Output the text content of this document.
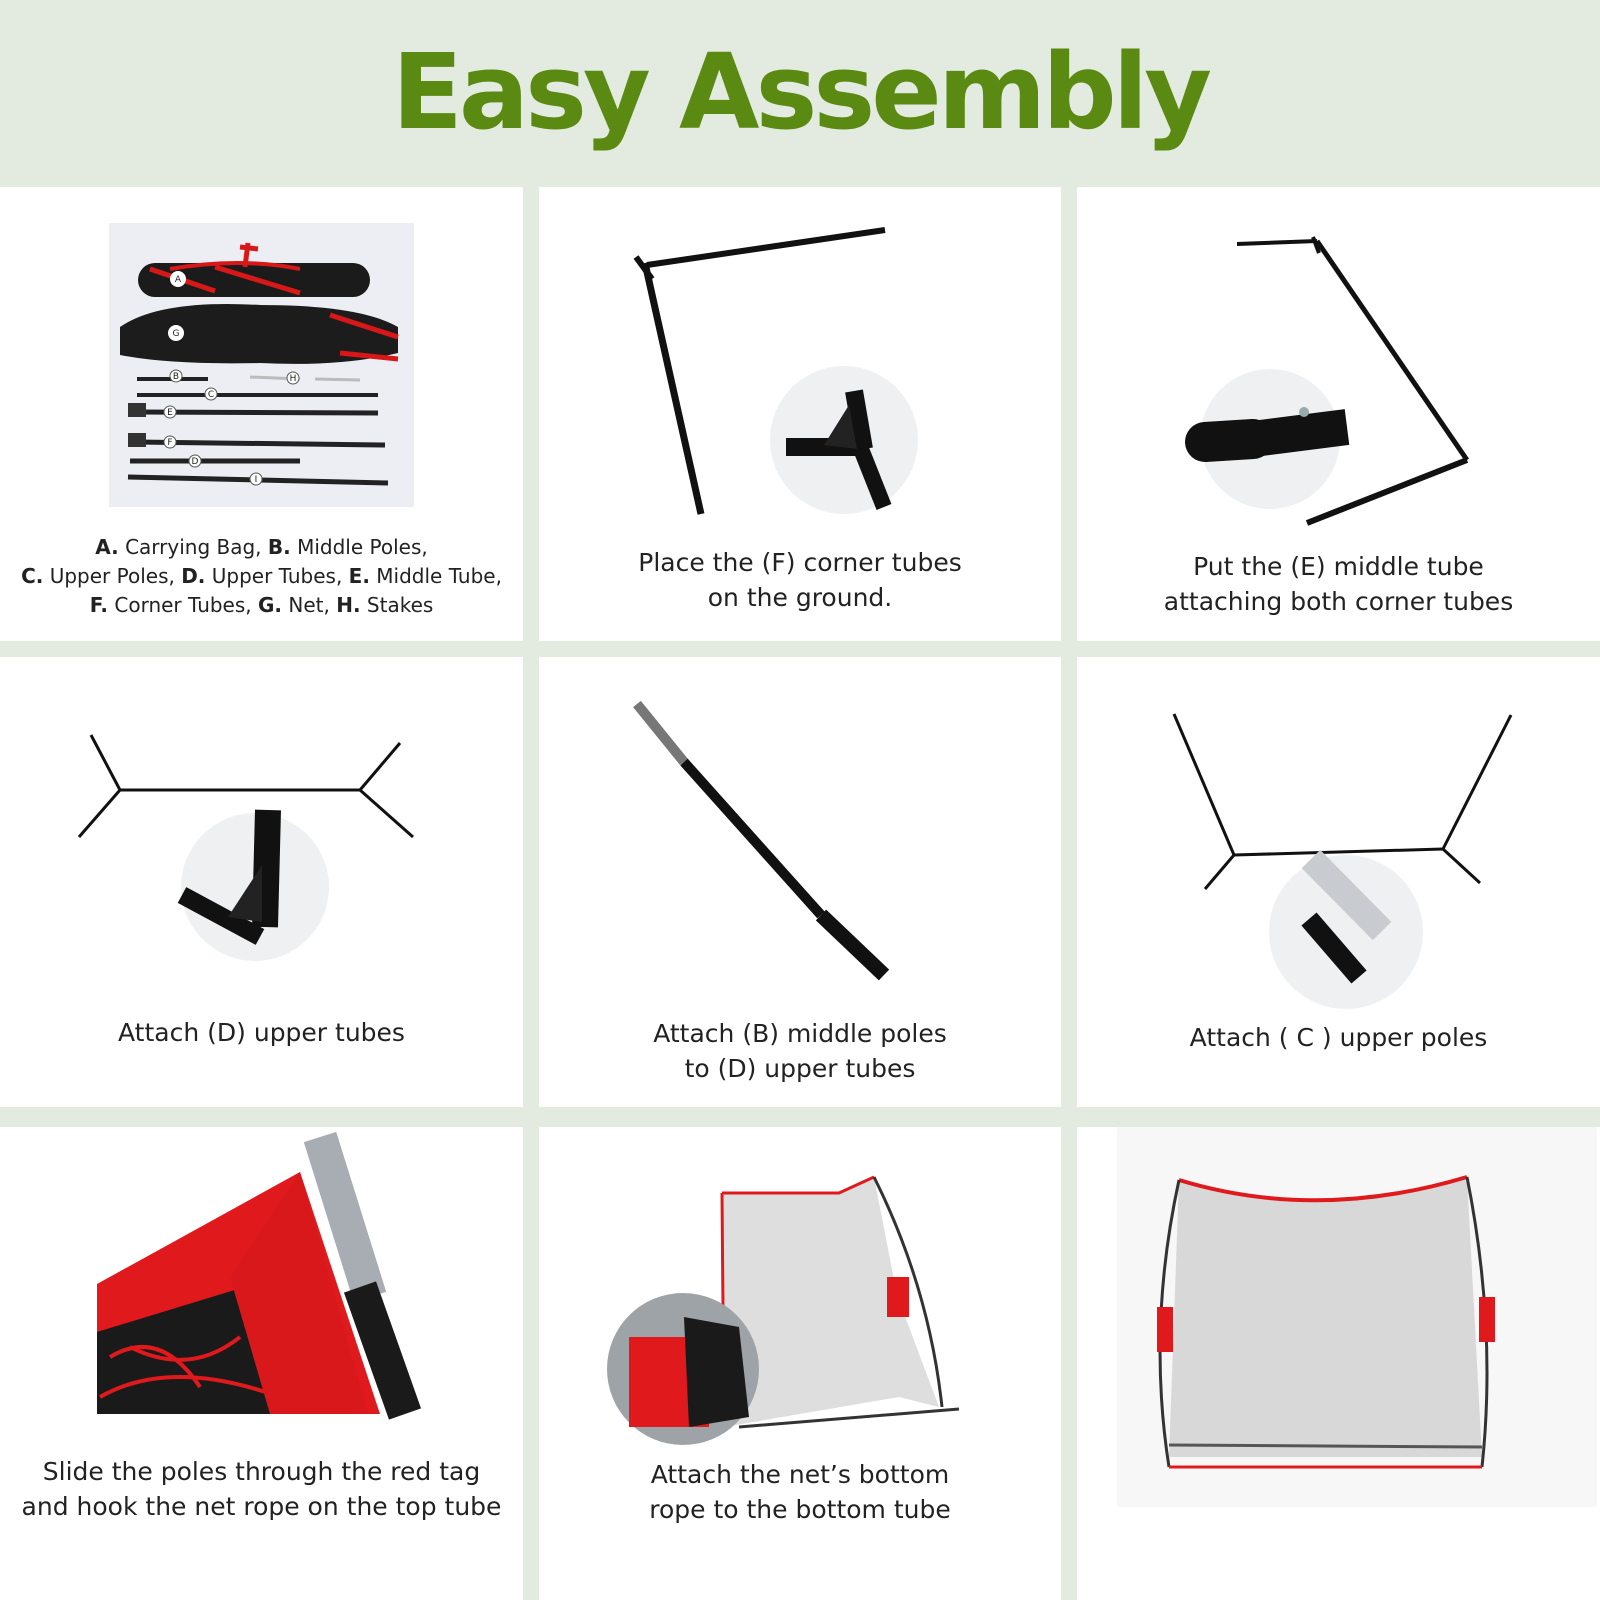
Easy Assembly
A
G
B	H
C
E
F
D
I
A. Carrying Bag, B. Middle Poles,
C. Upper Poles, D. Upper Tubes, E. Middle Tube,
F. Corner Tubes, G. Net, H. Stakes
Place the (F) corner tubes
on the ground.
Put the (E) middle tube
attaching both corner tubes
Attach (D) upper tubes	Attach (B) middle poles
to (D) upper tubes
Attach ( C ) upper poles
Slide the poles through the red tag
and hook the net rope on the top tube
Attach the net’s bottom
rope to the bottom tube
